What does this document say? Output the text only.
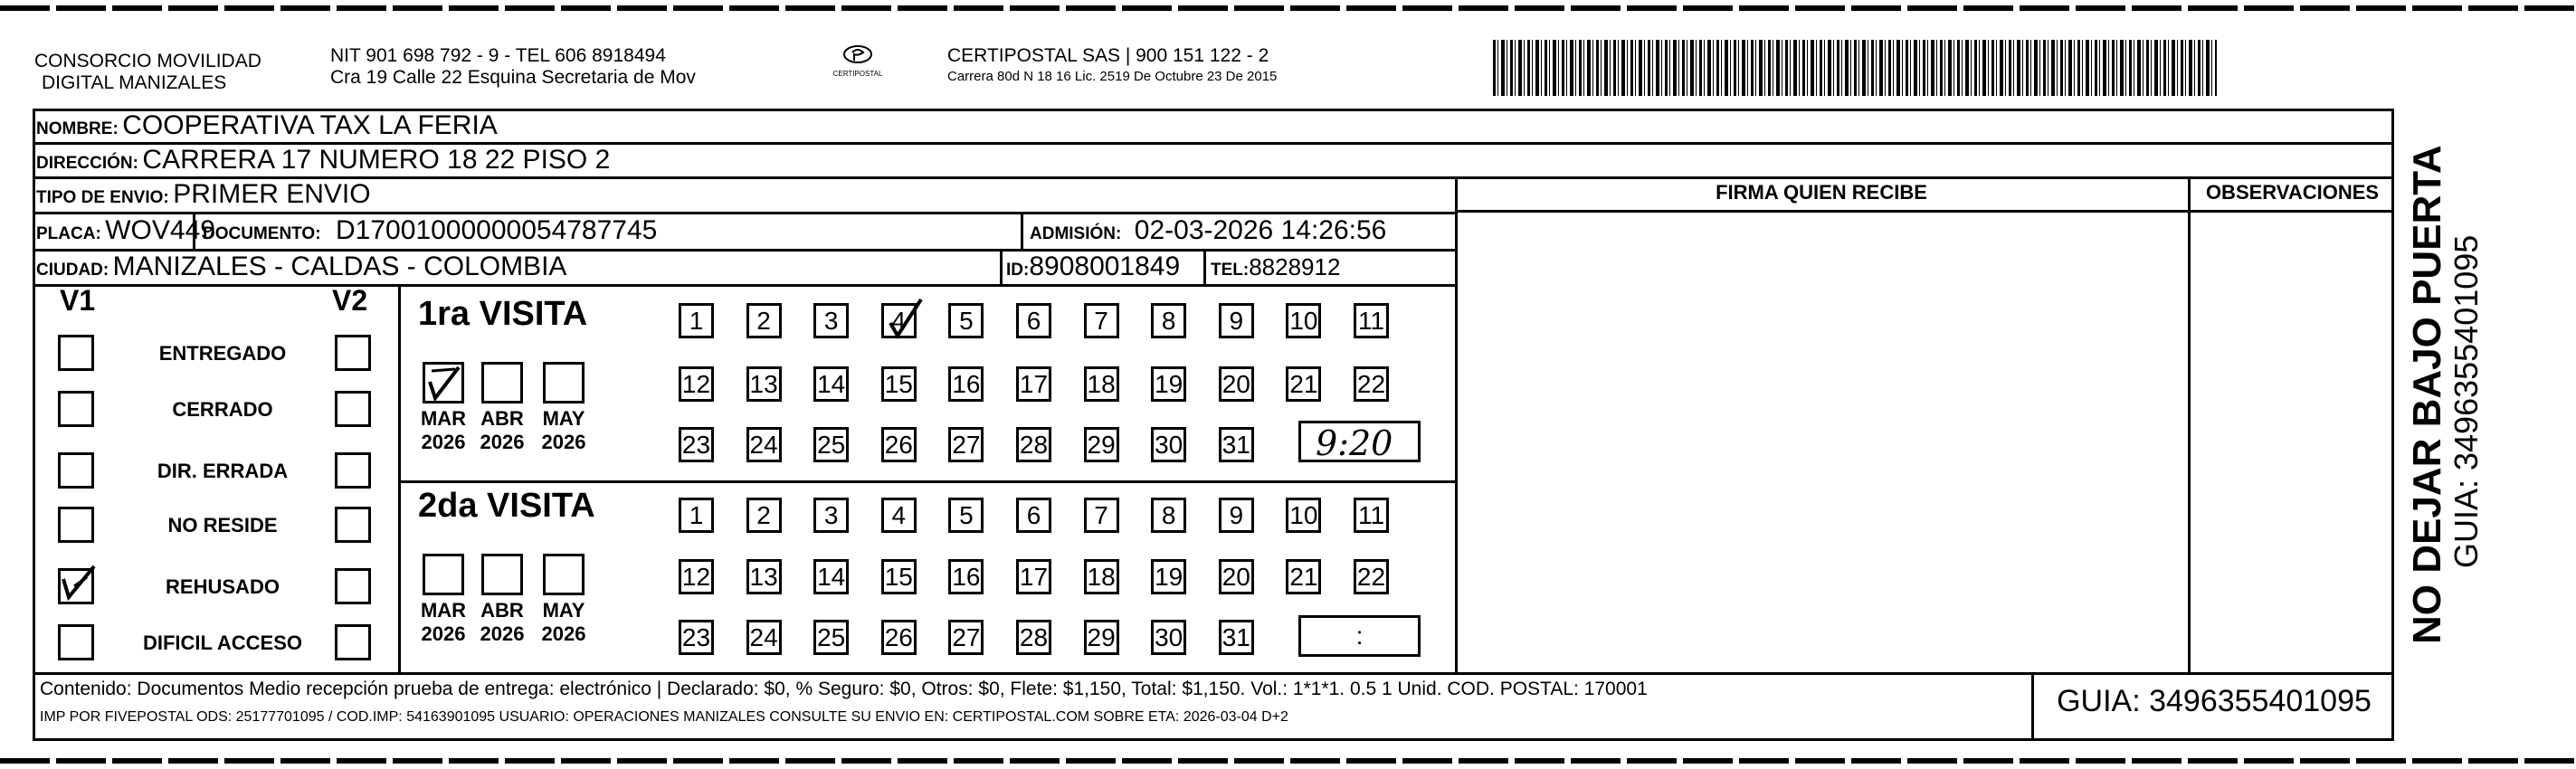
CONSORCIO MOVILIDAD
DIGITAL MANIZALES
NIT 901 698 792 - 9 - TEL 606 8918494
Cra 19 Calle 22 Esquina Secretaria de Mov	CERTIPOSTAL
CERTIPOSTAL SAS | 900 151 122 - 2
Carrera 80d N 18 16 Lic. 2519 De Octubre 23 De 2015
NOMBRE: COOPERATIVA TAX LA FERIA
DIRECCIÓN: CARRERA 17 NUMERO 18 22 PISO 2
TIPO DE ENVIO: PRIMER ENVIO
PLACA: WOV449
DOCUMENTO: D17001000000054787745	ADMISIÓN: 02-03-2026 14:26:56
CIUDAD: MANIZALES - CALDAS - COLOMBIA	ID:8908001849 TEL:8828912
FIRMA QUIEN RECIBE	OBSERVACIONES
V1	V2
ENTREGADO
CERRADO
DIR. ERRADA
NO RESIDE
REHUSADO
DIFICIL ACCESO
1ra VISITA
2da VISITA
MAR
2026
ABR
2026
MAY
2026
MAR
2026
ABR
2026
MAY
2026
1	2	3	4	5	6	7	8	9	10 11
12 13 14 15 16 17 18 19 20 21 22
23 24 25 26 27 28 29 30 31
1	2	3	4	5	6	7	8	9	10 11
12 13 14 15 16 17 18 19 20 21 22
23 24 25 26 27 28 29 30 31
9:20
:
Contenido: Documentos Medio recepción prueba de entrega: electrónico | Declarado: $0, % Seguro: $0, Otros: $0, Flete: $1,150, Total: $1,150. Vol.: 1*1*1. 0.5 1 Unid. COD. POSTAL: 170001
IMP POR FIVEPOSTAL ODS: 25177701095 / COD.IMP: 54163901095 USUARIO: OPERACIONES MANIZALES CONSULTE SU ENVIO EN: CERTIPOSTAL.COM SOBRE ETA: 2026-03-04 D+2	GUIA: 3496355401095
NO DEJAR BAJO PUERTA
GUIA: 3496355401095
